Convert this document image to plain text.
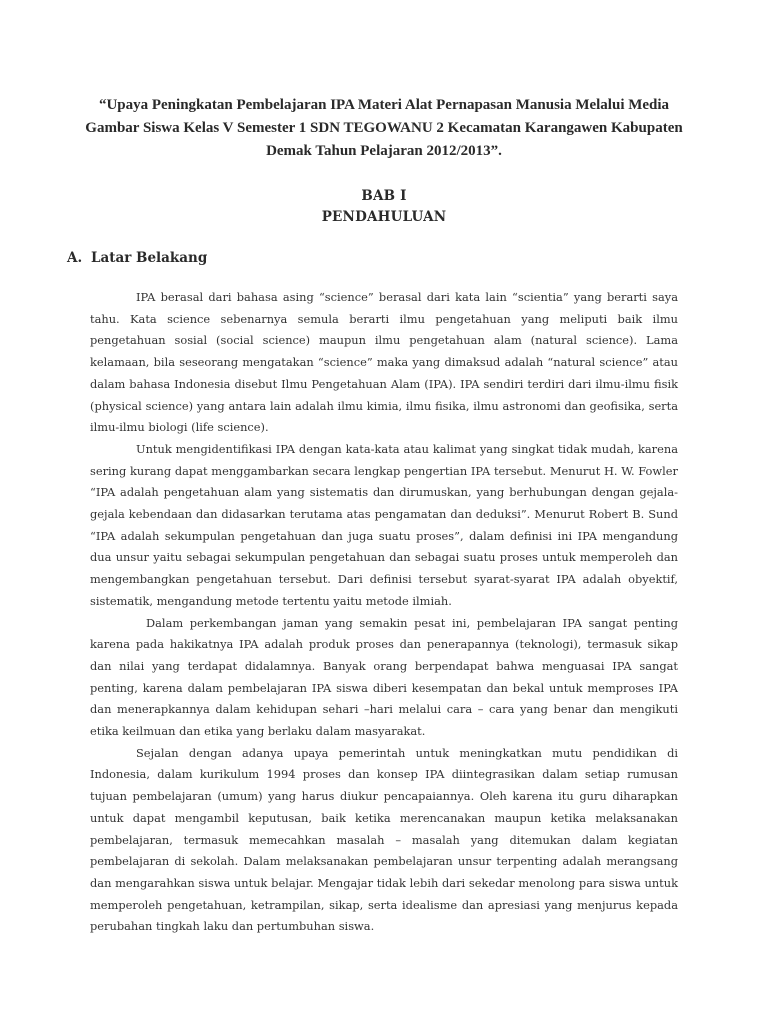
“Upaya Peningkatan Pembelajaran IPA Materi Alat Pernapasan Manusia Melalui Media Gambar Siswa Kelas V Semester 1 SDN TEGOWANU 2 Kecamatan Karangawen Kabupaten Demak Tahun Pelajaran 2012/2013”.
BAB I
PENDAHULUAN
A. Latar Belakang

IPA berasal dari bahasa asing “science” berasal dari kata lain “scientia” yang berarti saya tahu. Kata science sebenarnya semula berarti ilmu pengetahuan yang meliputi baik ilmu pengetahuan sosial (social science) maupun ilmu pengetahuan alam (natural science). Lama kelamaan, bila seseorang mengatakan “science” maka yang dimaksud adalah “natural science” atau dalam bahasa Indonesia disebut Ilmu Pengetahuan Alam (IPA). IPA sendiri terdiri dari ilmu-ilmu fisik (physical science) yang antara lain adalah ilmu kimia, ilmu fisika, ilmu astronomi dan geofisika, serta ilmu-ilmu biologi (life science).

Untuk mengidentifikasi IPA dengan kata-kata atau kalimat yang singkat tidak mudah, karena sering kurang dapat menggambarkan secara lengkap pengertian IPA tersebut. Menurut H. W. Fowler “IPA adalah pengetahuan alam yang sistematis dan dirumuskan, yang berhubungan dengan gejala-gejala kebendaan dan didasarkan terutama atas pengamatan dan deduksi”. Menurut Robert B. Sund “IPA adalah sekumpulan pengetahuan dan juga suatu proses”, dalam definisi ini IPA mengandung dua unsur yaitu sebagai sekumpulan pengetahuan dan sebagai suatu proses untuk memperoleh dan mengembangkan pengetahuan tersebut. Dari definisi tersebut syarat-syarat IPA adalah obyektif, sistematik, mengandung metode tertentu yaitu metode ilmiah.

Dalam perkembangan jaman yang semakin pesat ini, pembelajaran IPA sangat penting karena pada hakikatnya IPA adalah produk proses dan penerapannya (teknologi), termasuk sikap dan nilai yang terdapat didalamnya. Banyak orang berpendapat bahwa menguasai IPA sangat penting, karena dalam pembelajaran IPA siswa diberi kesempatan dan bekal untuk memproses IPA dan menerapkannya dalam kehidupan sehari –hari melalui cara – cara yang benar dan mengikuti etika keilmuan dan etika yang berlaku dalam masyarakat.

Sejalan dengan adanya upaya pemerintah untuk meningkatkan mutu pendidikan di Indonesia, dalam kurikulum 1994 proses dan konsep IPA diintegrasikan dalam setiap rumusan tujuan pembelajaran (umum) yang harus diukur pencapaiannya. Oleh karena itu guru diharapkan untuk dapat mengambil keputusan, baik ketika merencanakan maupun ketika melaksanakan pembelajaran, termasuk memecahkan masalah – masalah yang ditemukan dalam kegiatan pembelajaran di sekolah. Dalam melaksanakan pembelajaran unsur terpenting adalah merangsang dan mengarahkan siswa untuk belajar. Mengajar tidak lebih dari sekedar menolong para siswa untuk memperoleh pengetahuan, ketrampilan, sikap, serta idealisme dan apresiasi yang menjurus kepada perubahan tingkah laku dan pertumbuhan siswa.
